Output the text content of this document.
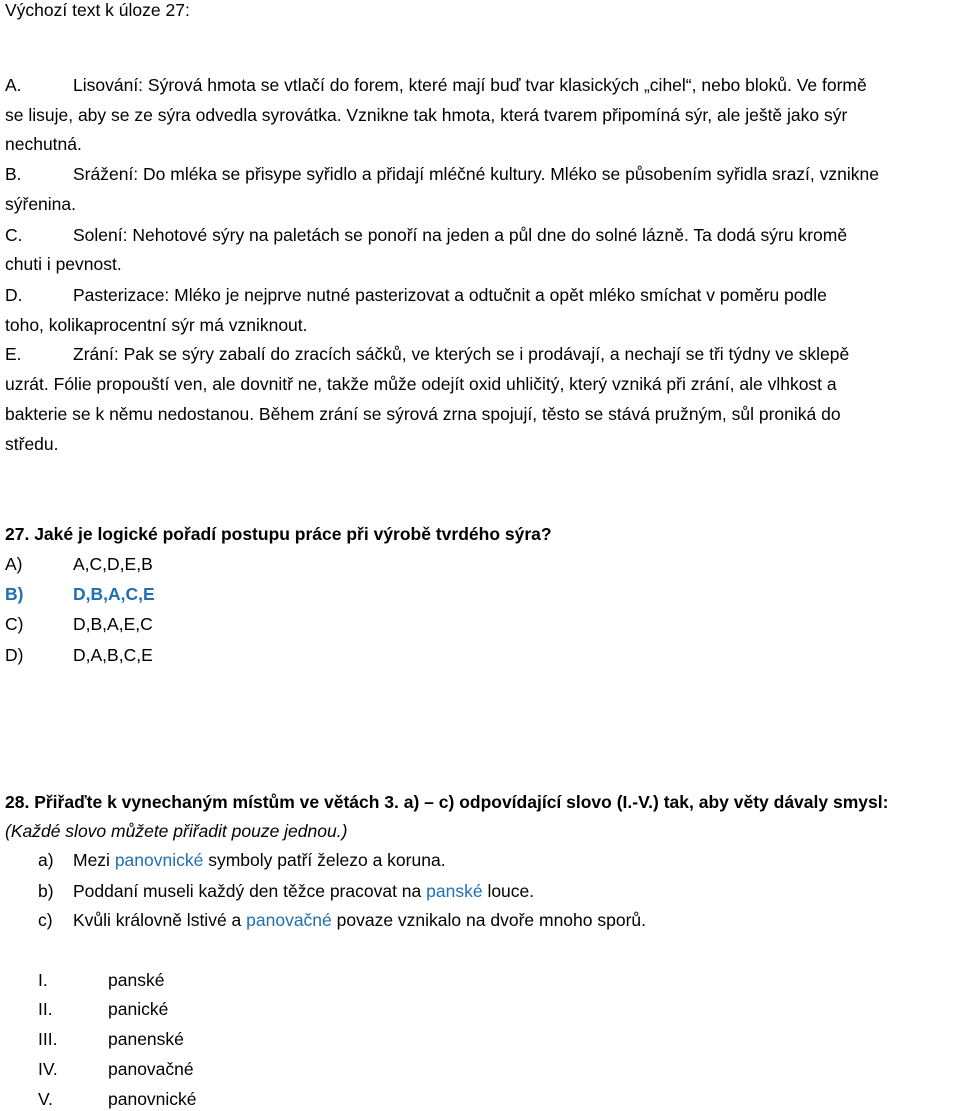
Výchozí text k úloze 27:
A.	Lisování: Sýrová hmota se vtlačí do forem, které mají buď tvar klasických „cihel“, nebo bloků. Ve formě
se lisuje, aby se ze sýra odvedla syrovátka. Vznikne tak hmota, která tvarem připomíná sýr, ale ještě jako sýr
nechutná.
B.	Srážení: Do mléka se přisype syřidlo a přidají mléčné kultury. Mléko se působením syřidla srazí, vznikne
sýřenina.
C.	Solení: Nehotové sýry na paletách se ponoří na jeden a půl dne do solné lázně. Ta dodá sýru kromě
chuti i pevnost.
D.	Pasterizace: Mléko je nejprve nutné pasterizovat a odtučnit a opět mléko smíchat v poměru podle
toho, kolikaprocentní sýr má vzniknout.
E.	Zrání: Pak se sýry zabalí do zracích sáčků, ve kterých se i prodávají, a nechají se tři týdny ve sklepě
uzrát. Fólie propouští ven, ale dovnitř ne, takže může odejít oxid uhličitý, který vzniká při zrání, ale vlhkost a
bakterie se k němu nedostanou. Během zrání se sýrová zrna spojují, těsto se stává pružným, sůl proniká do
středu.
27. Jaké je logické pořadí postupu práce při výrobě tvrdého sýra?
A)	A,C,D,E,B
B)	D,B,A,C,E
C)	D,B,A,E,C
D)	D,A,B,C,E
28. Přiřaďte k vynechaným místům ve větách 3. a) – c) odpovídající slovo (I.-V.) tak, aby věty dávaly smysl:
(Každé slovo můžete přiřadit pouze jednou.)
a) Mezi panovnické symboly patří železo a koruna.
b) Poddaní museli každý den těžce pracovat na panské louce.
c) Kvůli královně lstivé a panovačné povaze vznikalo na dvoře mnoho sporů.
I.	panské
II.	panické
III.	panenské
IV.	panovačné
V.	panovnické
